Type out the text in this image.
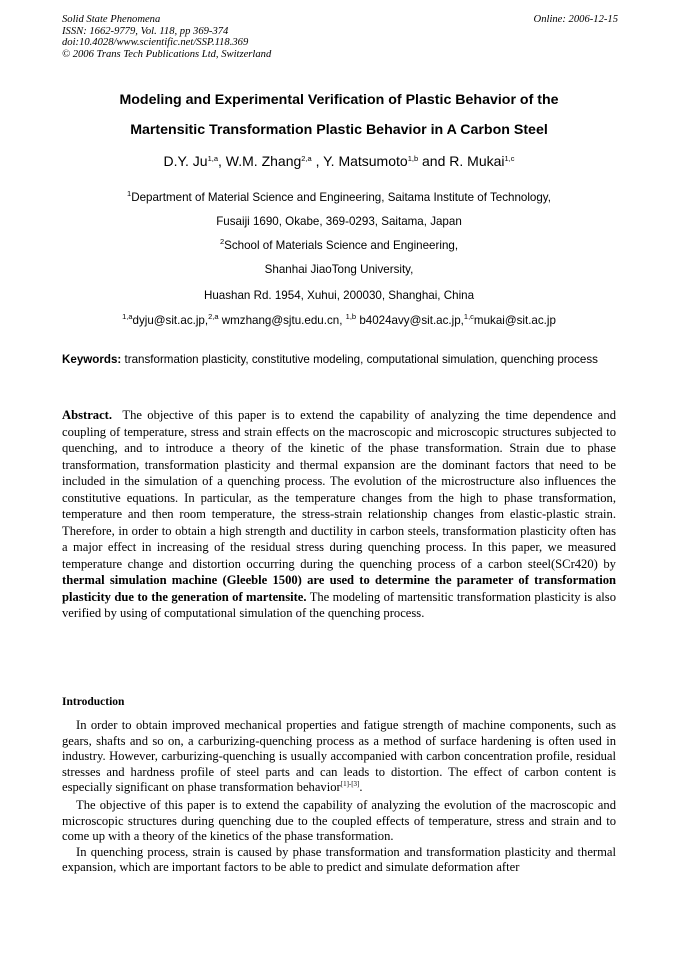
Solid State Phenomena
ISSN: 1662-9779, Vol. 118, pp 369-374
doi:10.4028/www.scientific.net/SSP.118.369
© 2006 Trans Tech Publications Ltd, Switzerland
Online: 2006-12-15
Modeling and Experimental Verification of Plastic Behavior of the
Martensitic Transformation Plastic Behavior in A Carbon Steel
D.Y. Ju$^{1,a}$, W.M. Zhang$^{2,a}$ , Y. Matsumoto$^{1,b}$ and R. Mukai$^{1,c}$
$^1$Department of Material Science and Engineering, Saitama Institute of Technology,
Fusaiji 1690, Okabe, 369-0293, Saitama, Japan
$^2$School of Materials Science and Engineering,
Shanhai JiaoTong University,
Huashan Rd. 1954, Xuhui, 200030, Shanghai, China
$^{1,a}$dyju@sit.ac.jp,$^{2,a}$ wmzhang@sjtu.edu.cn, $^{1,b}$ b4024avy@sit.ac.jp,$^{1,c}$mukai@sit.ac.jp
Keywords: transformation plasticity, constitutive modeling, computational simulation, quenching process
Abstract.  The objective of this paper is to extend the capability of analyzing the time dependence and coupling of temperature, stress and strain effects on the macroscopic and microscopic structures subjected to quenching, and to introduce a theory of the kinetic of the phase transformation. Strain due to phase transformation, transformation plasticity and thermal expansion are the dominant factors that need to be included in the simulation of a quenching process. The evolution of the microstructure also influences the constitutive equations. In particular, as the temperature changes from the high to phase transformation, temperature and then room temperature, the stress-strain relationship changes from elastic-plastic strain. Therefore, in order to obtain a high strength and ductility in carbon steels, transformation plasticity often has a major effect in increasing of the residual stress during quenching process. In this paper, we measured temperature change and distortion occurring during the quenching process of a carbon steel(SCr420) by thermal simulation machine (Gleeble 1500) are used to determine the parameter of transformation plasticity due to the generation of martensite. The modeling of martensitic transformation plasticity is also verified by using of computational simulation of the quenching process.
Introduction

In order to obtain improved mechanical properties and fatigue strength of machine components, such as gears, shafts and so on, a carburizing-quenching process as a method of surface hardening is often used in industry. However, carburizing-quenching is usually accompanied with carbon concentration profile, residual stresses and hardness profile of steel parts and can leads to distortion. The effect of carbon content is especially significant on phase transformation behavior[1]-[3].

The objective of this paper is to extend the capability of analyzing the evolution of the macroscopic and microscopic structures during quenching due to the coupled effects of temperature, stress and strain and to come up with a theory of the kinetics of the phase transformation.

In quenching process, strain is caused by phase transformation and transformation plasticity and thermal expansion, which are important factors to be able to predict and simulate deformation after
